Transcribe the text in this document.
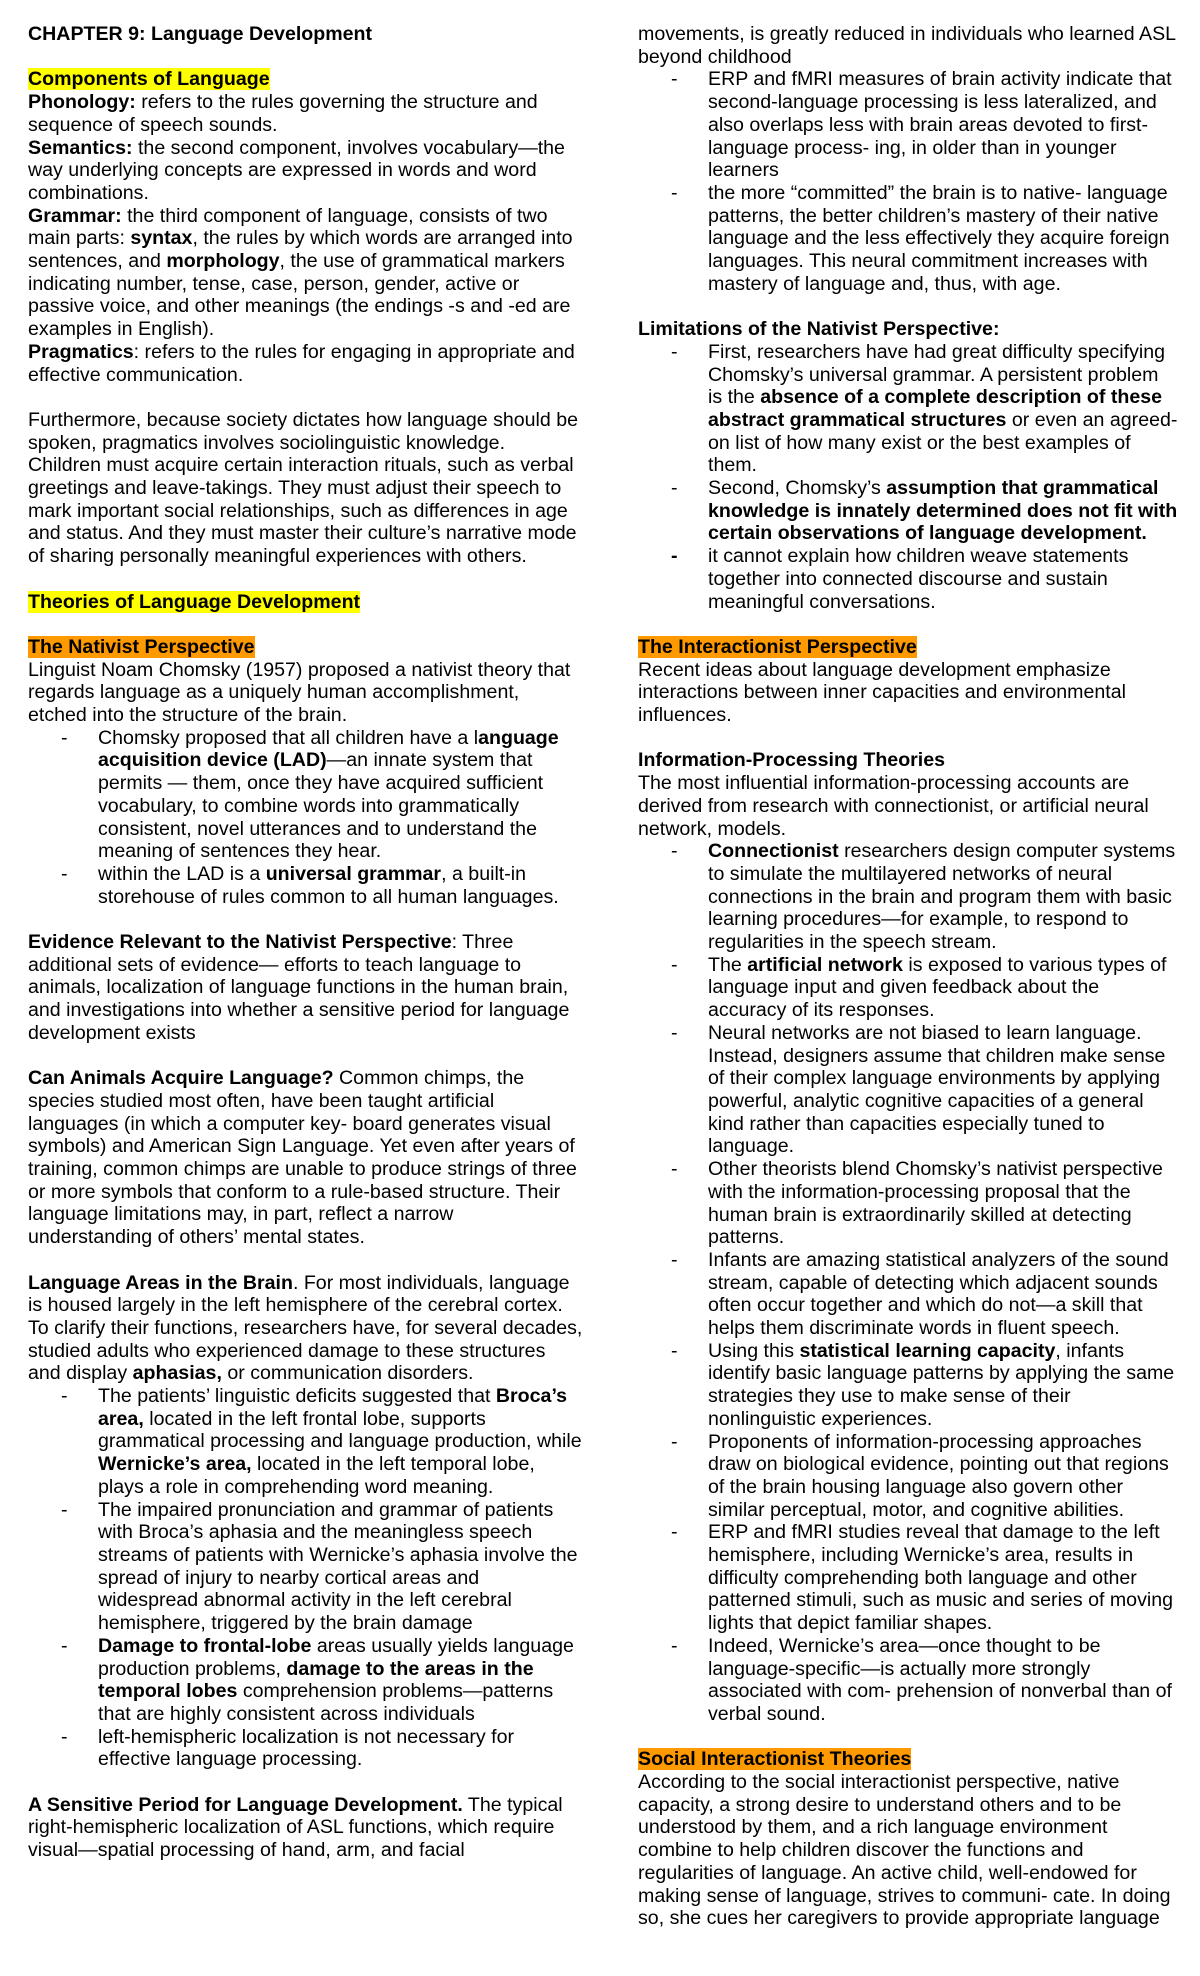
CHAPTER 9: Language Development

Components of Language

Phonology: refers to the rules governing the structure and sequence of speech sounds.

Semantics: the second component, involves vocabulary—the way underlying concepts are expressed in words and word combinations.

Grammar: the third component of language, consists of two main parts: syntax, the rules by which words are arranged into sentences, and morphology, the use of grammatical markers indicating number, tense, case, person, gender, active or passive voice, and other meanings (the endings -s and -ed are examples in English).

Pragmatics: refers to the rules for engaging in appropriate and effective communication.

Furthermore, because society dictates how language should be spoken, pragmatics involves sociolinguistic knowledge. Children must acquire certain interaction rituals, such as verbal greetings and leave-takings. They must adjust their speech to mark important social relationships, such as differences in age and status. And they must master their culture’s narrative mode of sharing personally meaningful experiences with others.

Theories of Language Development

The Nativist Perspective

Linguist Noam Chomsky (1957) proposed a nativist theory that regards language as a uniquely human accomplishment, etched into the structure of the brain.

- Chomsky proposed that all children have a language acquisition device (LAD)—an innate system that permits — them, once they have acquired sufficient vocabulary, to combine words into grammatically consistent, novel utterances and to understand the meaning of sentences they hear.
- within the LAD is a universal grammar, a built-in storehouse of rules common to all human languages.

Evidence Relevant to the Nativist Perspective: Three additional sets of evidence— efforts to teach language to animals, localization of language functions in the human brain, and investigations into whether a sensitive period for language development exists

Can Animals Acquire Language? Common chimps, the species studied most often, have been taught artificial languages (in which a computer key- board generates visual symbols) and American Sign Language. Yet even after years of training, common chimps are unable to produce strings of three or more symbols that conform to a rule-based structure. Their language limitations may, in part, reflect a narrow understanding of others’ mental states.

Language Areas in the Brain. For most individuals, language is housed largely in the left hemisphere of the cerebral cortex. To clarify their functions, researchers have, for several decades, studied adults who experienced damage to these structures and display aphasias, or communication disorders.

- The patients’ linguistic deficits suggested that Broca’s area, located in the left frontal lobe, supports grammatical processing and language production, while Wernicke’s area, located in the left temporal lobe, plays a role in comprehending word meaning.
- The impaired pronunciation and grammar of patients with Broca’s aphasia and the meaningless speech streams of patients with Wernicke’s aphasia involve the spread of injury to nearby cortical areas and widespread abnormal activity in the left cerebral hemisphere, triggered by the brain damage
- Damage to frontal-lobe areas usually yields language production problems, damage to the areas in the temporal lobes comprehension problems—patterns that are highly consistent across individuals
- left-hemispheric localization is not necessary for effective language processing.

A Sensitive Period for Language Development. The typical right-hemispheric localization of ASL functions, which require visual—spatial processing of hand, arm, and facial

movements, is greatly reduced in individuals who learned ASL beyond childhood

- ERP and fMRI measures of brain activity indicate that second-language processing is less lateralized, and also overlaps less with brain areas devoted to first-language process- ing, in older than in younger learners
- the more “committed” the brain is to native- language patterns, the better children’s mastery of their native language and the less effectively they acquire foreign languages. This neural commitment increases with mastery of language and, thus, with age.

Limitations of the Nativist Perspective:

- First, researchers have had great difficulty specifying Chomsky’s universal grammar. A persistent problem is the absence of a complete description of these abstract grammatical structures or even an agreed-on list of how many exist or the best examples of them.
- Second, Chomsky’s assumption that grammatical knowledge is innately determined does not fit with certain observations of language development.
- it cannot explain how children weave statements together into connected discourse and sustain meaningful conversations.

The Interactionist Perspective

Recent ideas about language development emphasize interactions between inner capacities and environmental influences.

Information-Processing Theories

The most influential information-processing accounts are derived from research with connectionist, or artificial neural network, models.

- Connectionist researchers design computer systems to simulate the multilayered networks of neural connections in the brain and program them with basic learning procedures—for example, to respond to regularities in the speech stream.
- The artificial network is exposed to various types of language input and given feedback about the accuracy of its responses.
- Neural networks are not biased to learn language. Instead, designers assume that children make sense of their complex language environments by applying powerful, analytic cognitive capacities of a general kind rather than capacities especially tuned to language.
- Other theorists blend Chomsky’s nativist perspective with the information-processing proposal that the human brain is extraordinarily skilled at detecting patterns.
- Infants are amazing statistical analyzers of the sound stream, capable of detecting which adjacent sounds often occur together and which do not—a skill that helps them discriminate words in fluent speech.
- Using this statistical learning capacity, infants identify basic language patterns by applying the same strategies they use to make sense of their nonlinguistic experiences.
- Proponents of information-processing approaches draw on biological evidence, pointing out that regions of the brain housing language also govern other similar perceptual, motor, and cognitive abilities.
- ERP and fMRI studies reveal that damage to the left hemisphere, including Wernicke’s area, results in difficulty comprehending both language and other patterned stimuli, such as music and series of moving lights that depict familiar shapes.
- Indeed, Wernicke’s area—once thought to be language-specific—is actually more strongly associated with com- prehension of nonverbal than of verbal sound.

Social Interactionist Theories

According to the social interactionist perspective, native capacity, a strong desire to understand others and to be understood by them, and a rich language environment combine to help children discover the functions and regularities of language. An active child, well-endowed for making sense of language, strives to communi- cate. In doing so, she cues her caregivers to provide appropriate language
